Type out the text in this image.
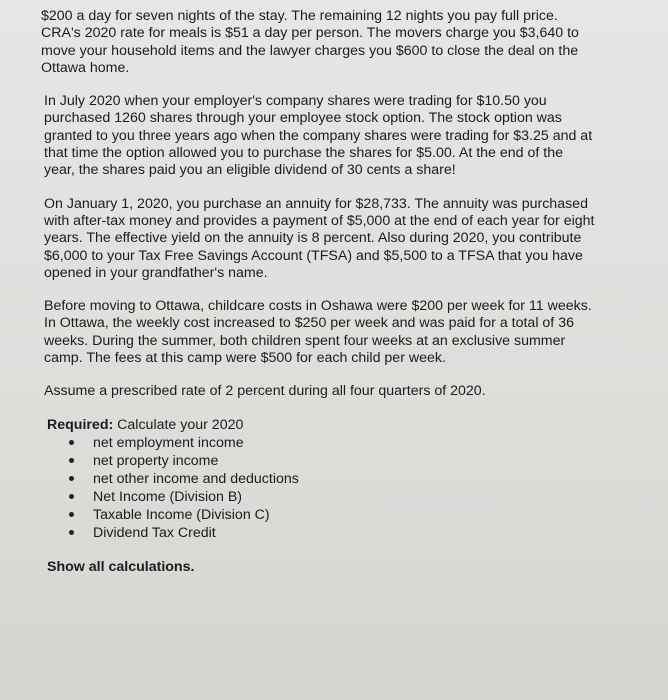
$200 a day for seven nights of the stay. The remaining 12 nights you pay full price.
CRA's 2020 rate for meals is $51 a day per person. The movers charge you $3,640 to
move your household items and the lawyer charges you $600 to close the deal on the
Ottawa home.

In July 2020 when your employer's company shares were trading for $10.50 you
purchased 1260 shares through your employee stock option. The stock option was
granted to you three years ago when the company shares were trading for $3.25 and at
that time the option allowed you to purchase the shares for $5.00. At the end of the
year, the shares paid you an eligible dividend of 30 cents a share!

On January 1, 2020, you purchase an annuity for $28,733. The annuity was purchased
with after-tax money and provides a payment of $5,000 at the end of each year for eight
years. The effective yield on the annuity is 8 percent. Also during 2020, you contribute
$6,000 to your Tax Free Savings Account (TFSA) and $5,500 to a TFSA that you have
opened in your grandfather's name.

Before moving to Ottawa, childcare costs in Oshawa were $200 per week for 11 weeks.
In Ottawa, the weekly cost increased to $250 per week and was paid for a total of 36
weeks. During the summer, both children spent four weeks at an exclusive summer
camp. The fees at this camp were $500 for each child per week.

Assume a prescribed rate of 2 percent during all four quarters of 2020.

Required: Calculate your 2020
net employment income
net property income
net other income and deductions
Net Income (Division B)
Taxable Income (Division C)
Dividend Tax Credit
Show all calculations.
